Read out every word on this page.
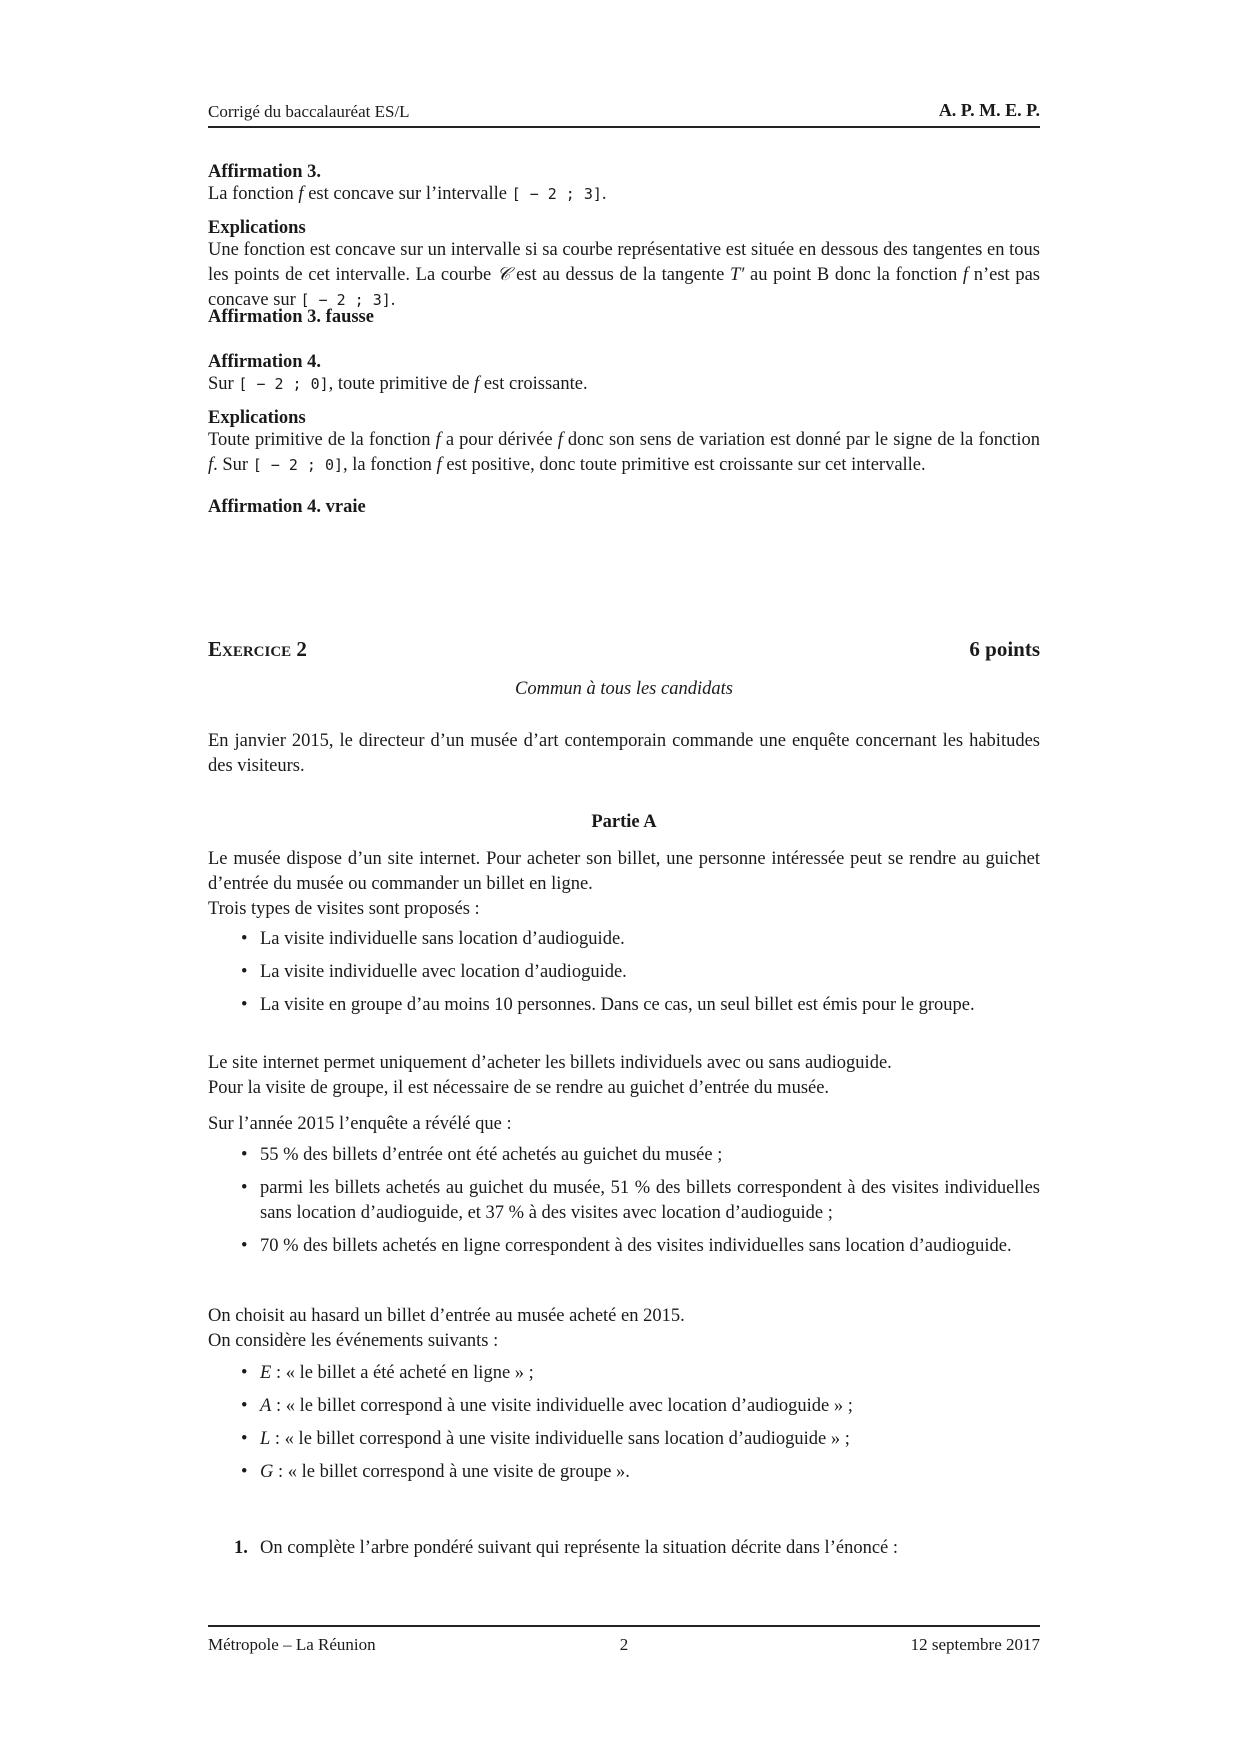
Corrigé du baccalauréat ES/L	A. P. M. E. P.
Affirmation 3.
La fonction f est concave sur l’intervalle [ − 2 ; 3].
Explications
Une fonction est concave sur un intervalle si sa courbe représentative est située en dessous des tangentes en tous les points de cet intervalle. La courbe 𝒞 est au dessus de la tangente T′ au point B donc la fonction f n’est pas concave sur [ − 2 ; 3].
Affirmation 3. fausse
Affirmation 4.
Sur [ − 2 ; 0], toute primitive de f est croissante.
Explications
Toute primitive de la fonction f a pour dérivée f donc son sens de variation est donné par le signe de la fonction f. Sur [ − 2 ; 0], la fonction f est positive, donc toute primitive est croissante sur cet intervalle.
Affirmation 4. vraie
Exercice 2	6 points
Commun à tous les candidats
En janvier 2015, le directeur d’un musée d’art contemporain commande une enquête concernant les habitudes des visiteurs.
Partie A
Le musée dispose d’un site internet. Pour acheter son billet, une personne intéressée peut se rendre au guichet d’entrée du musée ou commander un billet en ligne.
Trois types de visites sont proposés :
• La visite individuelle sans location d’audioguide.
• La visite individuelle avec location d’audioguide.
• La visite en groupe d’au moins 10 personnes. Dans ce cas, un seul billet est émis pour le groupe.
Le site internet permet uniquement d’acheter les billets individuels avec ou sans audioguide.
Pour la visite de groupe, il est nécessaire de se rendre au guichet d’entrée du musée.
Sur l’année 2015 l’enquête a révélé que :
• 55 % des billets d’entrée ont été achetés au guichet du musée ;
• parmi les billets achetés au guichet du musée, 51 % des billets correspondent à des visites individuelles sans location d’audioguide, et 37 % à des visites avec location d’audioguide ;
• 70 % des billets achetés en ligne correspondent à des visites individuelles sans location d’audioguide.
On choisit au hasard un billet d’entrée au musée acheté en 2015.
On considère les événements suivants :
• E : « le billet a été acheté en ligne » ;
• A : « le billet correspond à une visite individuelle avec location d’audioguide » ;
• L : « le billet correspond à une visite individuelle sans location d’audioguide » ;
• G : « le billet correspond à une visite de groupe ».
1. On complète l’arbre pondéré suivant qui représente la situation décrite dans l’énoncé :
Métropole – La Réunion	2	12 septembre 2017
